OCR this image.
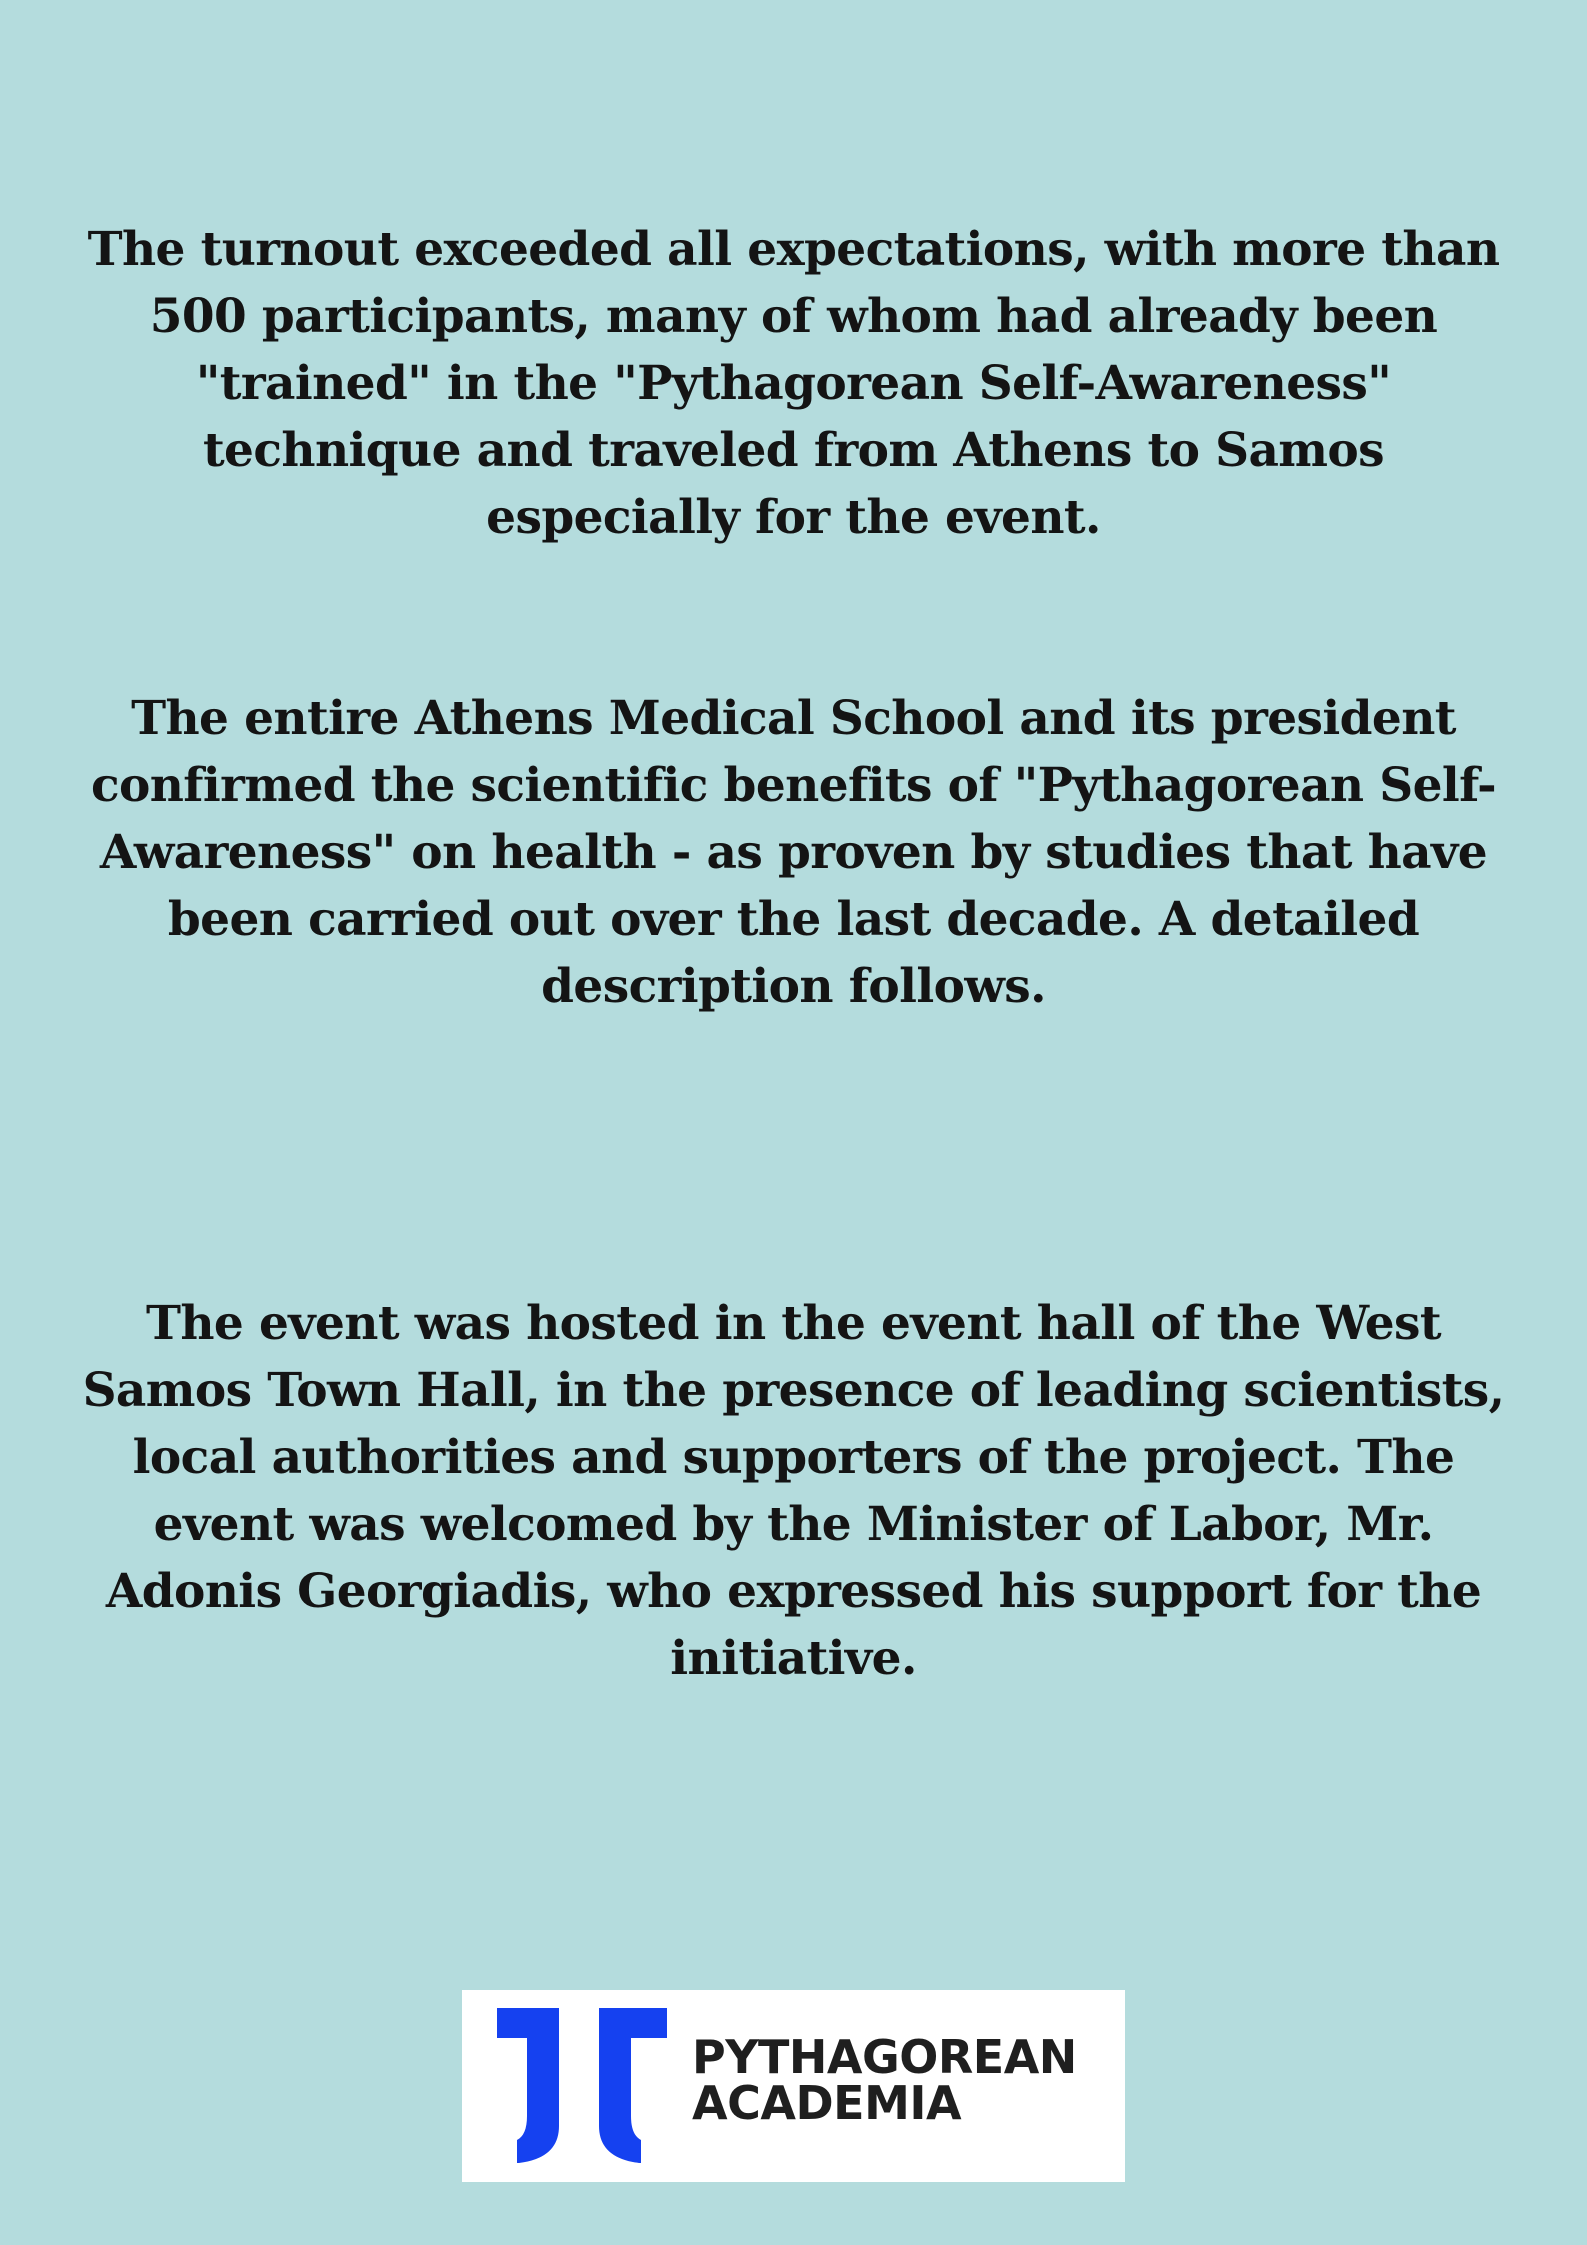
The turnout exceeded all expectations, with more than 500 participants, many of whom had already been "trained" in the "Pythagorean Self-Awareness" technique and traveled from Athens to Samos especially for the event.

The entire Athens Medical School and its president confirmed the scientific benefits of "Pythagorean Self-Awareness" on health - as proven by studies that have been carried out over the last decade. A detailed description follows.

The event was hosted in the event hall of the West Samos Town Hall, in the presence of leading scientists, local authorities and supporters of the project. The event was welcomed by the Minister of Labor, Mr. Adonis Georgiadis, who expressed his support for the initiative.

PYTHAGOREAN
ACADEMIA
